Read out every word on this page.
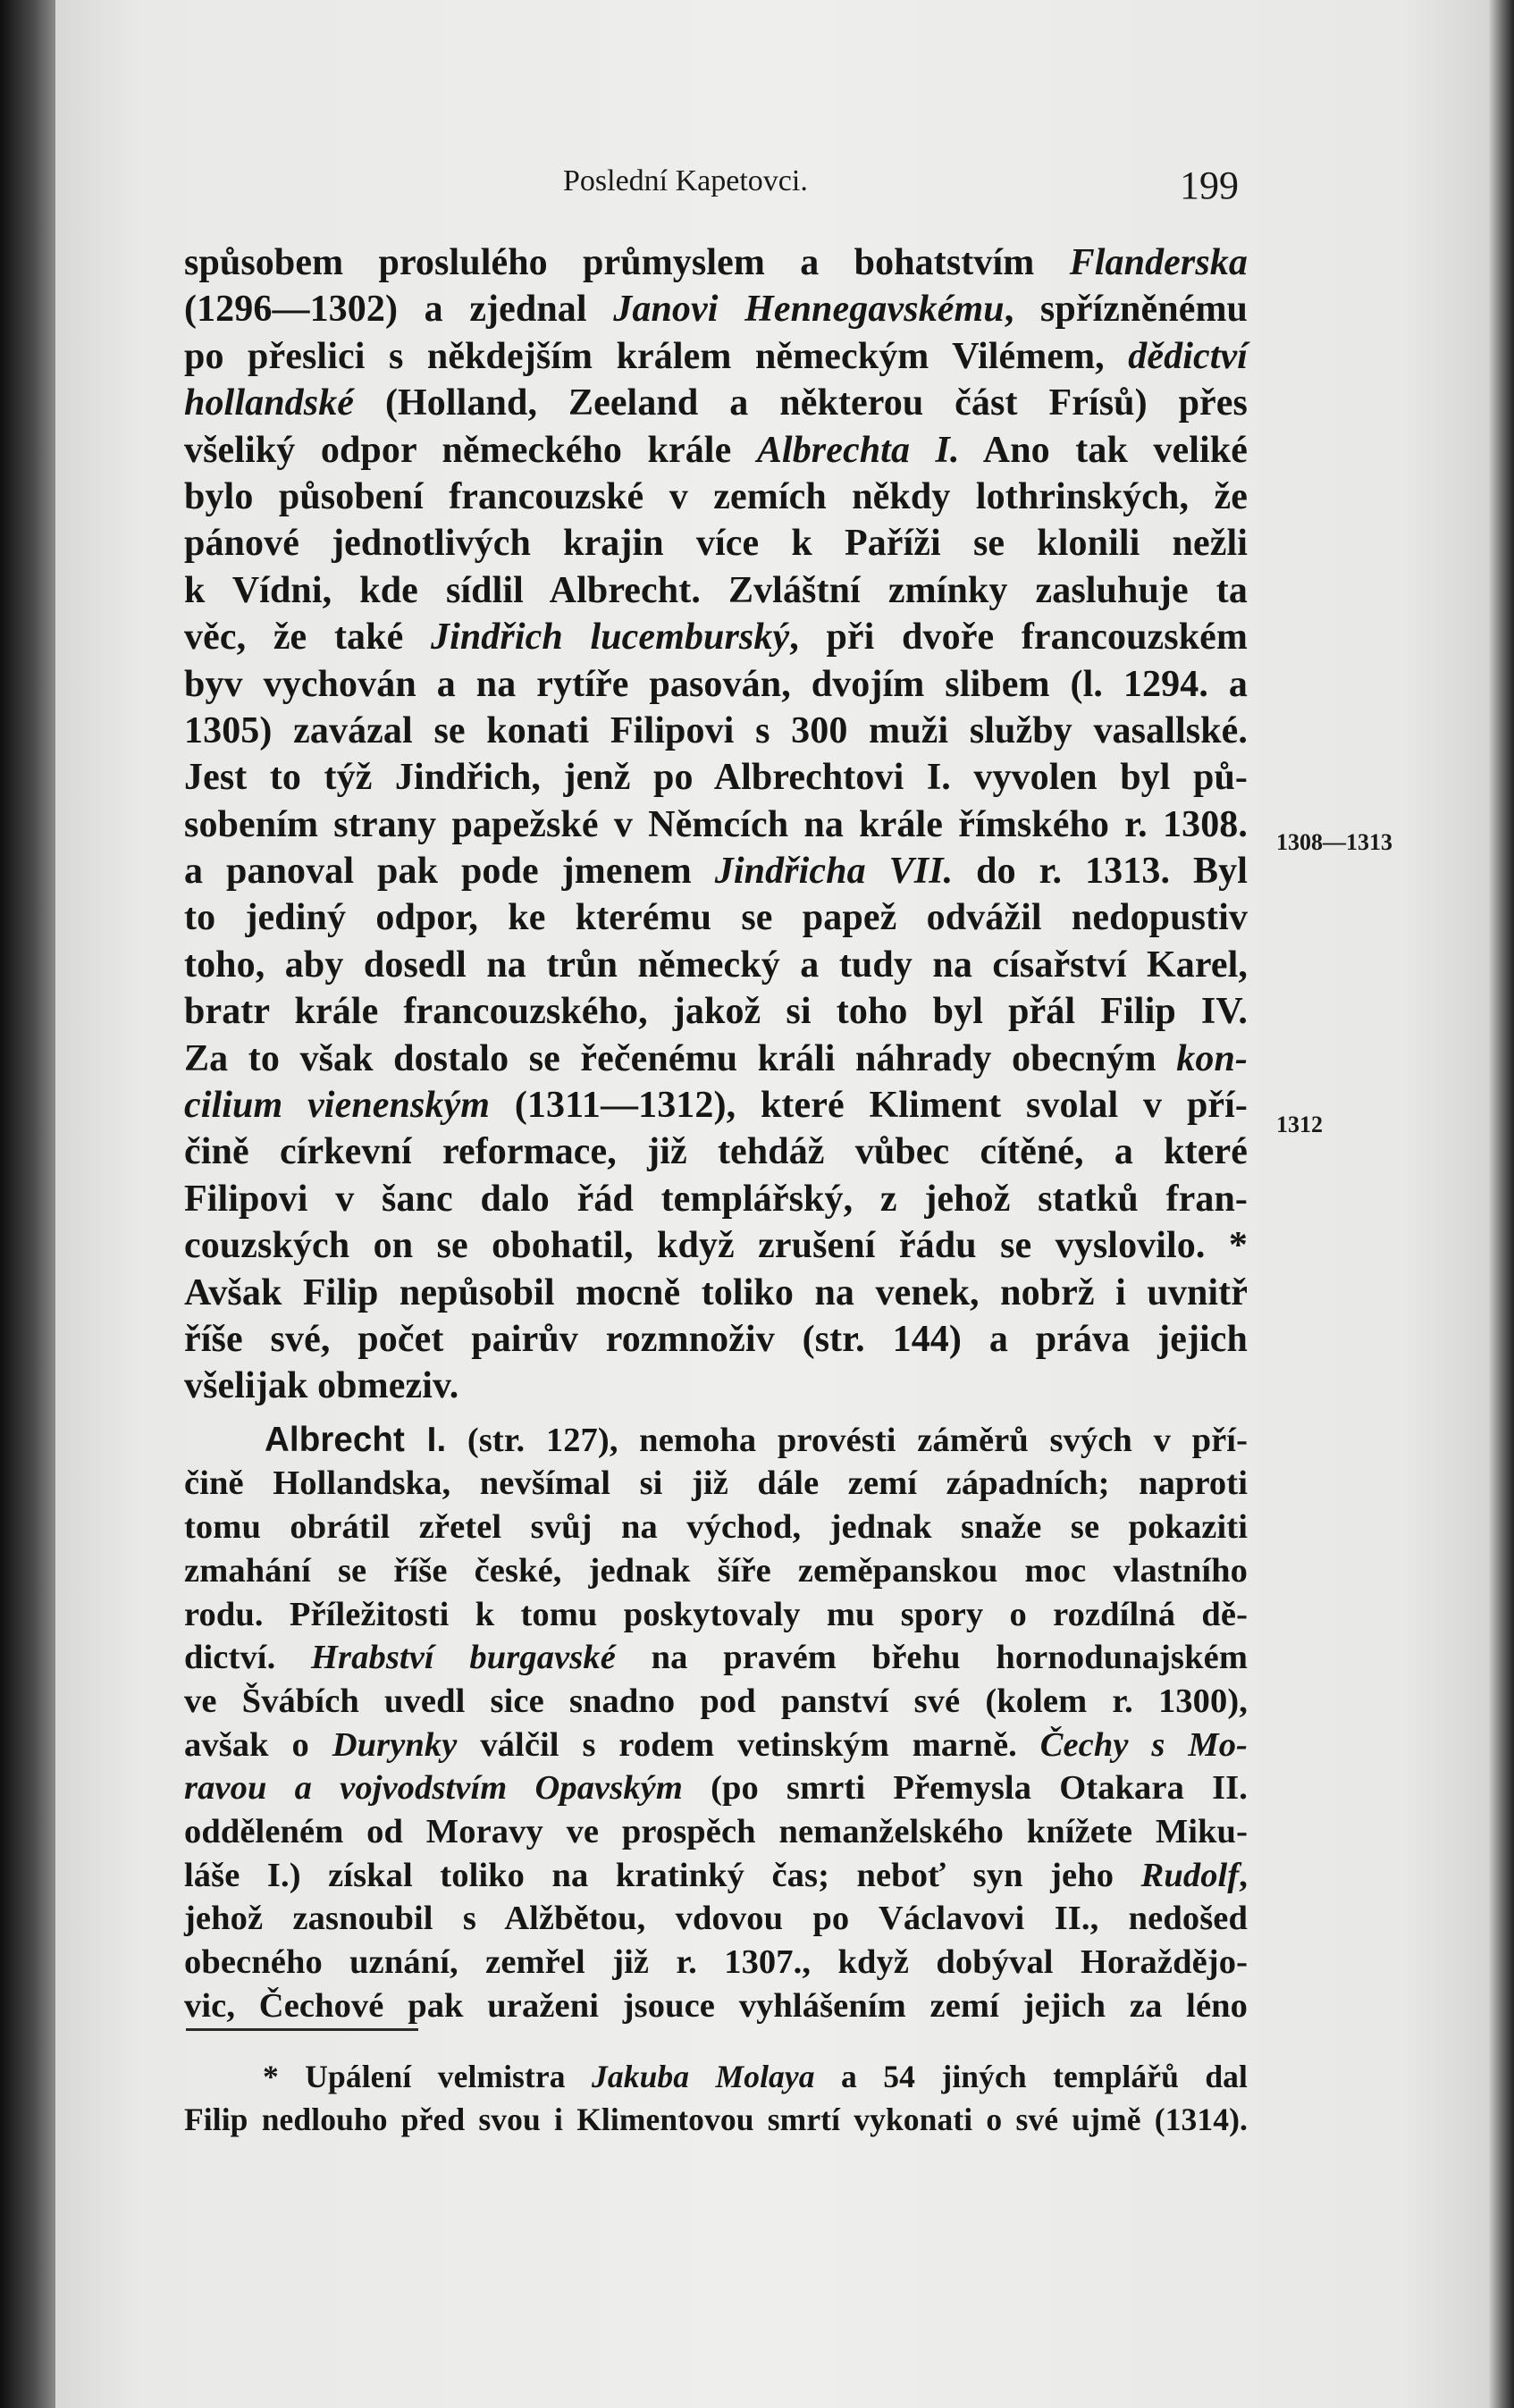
Poslední Kapetovci.	199
spůsobem proslulého průmyslem a bohatstvím Flanderska
(1296—1302) a zjednal Janovi Hennegavskému, spřízněnému
po přeslici s někdejším králem německým Vilémem, dědictví
hollandské (Holland, Zeeland a některou část Frísů) přes
všeliký odpor německého krále Albrechta I. Ano tak veliké
bylo působení francouzské v zemích někdy lothrinských, že
pánové jednotlivých krajin více k Paříži se klonili nežli
k Vídni, kde sídlil Albrecht. Zvláštní zmínky zasluhuje ta
věc, že také Jindřich lucemburský, při dvoře francouzském
byv vychován a na rytíře pasován, dvojím slibem (l. 1294. a
1305) zavázal se konati Filipovi s 300 muži služby vasallské.
Jest to týž Jindřich, jenž po Albrechtovi I. vyvolen byl pů-
sobením strany papežské v Němcích na krále římského r. 1308.
a panoval pak pode jmenem Jindřicha VII. do r. 1313. Byl
to jediný odpor, ke kterému se papež odvážil nedopustiv
toho, aby dosedl na trůn německý a tudy na císařství Karel,
bratr krále francouzského, jakož si toho byl přál Filip IV.
Za to však dostalo se řečenému králi náhrady obecným kon-
cilium vienenským (1311—1312), které Kliment svolal v pří-
čině církevní reformace, již tehdáž vůbec cítěné, a které
Filipovi v šanc dalo řád templářský, z jehož statků fran-
couzských on se obohatil, když zrušení řádu se vyslovilo. *
Avšak Filip nepůsobil mocně toliko na venek, nobrž i uvnitř
říše své, počet pairův rozmnoživ (str. 144) a práva jejich
všelijak obmeziv.
Albrecht I. (str. 127), nemoha provésti záměrů svých v pří-
čině Hollandska, nevšímal si již dále zemí západních; naproti
tomu obrátil zřetel svůj na východ, jednak snaže se pokaziti
zmahání se říše české, jednak šíře zeměpanskou moc vlastního
rodu. Příležitosti k tomu poskytovaly mu spory o rozdílná dě-
dictví. Hrabství burgavské na pravém břehu hornodunajském
ve Švábích uvedl sice snadno pod panství své (kolem r. 1300),
avšak o Durynky válčil s rodem vetinským marně. Čechy s Mo-
ravou a vojvodstvím Opavským (po smrti Přemysla Otakara II.
odděleném od Moravy ve prospěch nemanželského knížete Miku-
láše I.) získal toliko na kratinký čas; neboť syn jeho Rudolf,
jehož zasnoubil s Alžbětou, vdovou po Václavovi II., nedošed
obecného uznání, zemřel již r. 1307., když dobýval Horaždějo-
vic, Čechové pak uraženi jsouce vyhlášením zemí jejich za léno
1308—1313
1312
* Upálení velmistra Jakuba Molaya a 54 jiných templářů dal
Filip nedlouho před svou i Klimentovou smrtí vykonati o své ujmě (1314).
